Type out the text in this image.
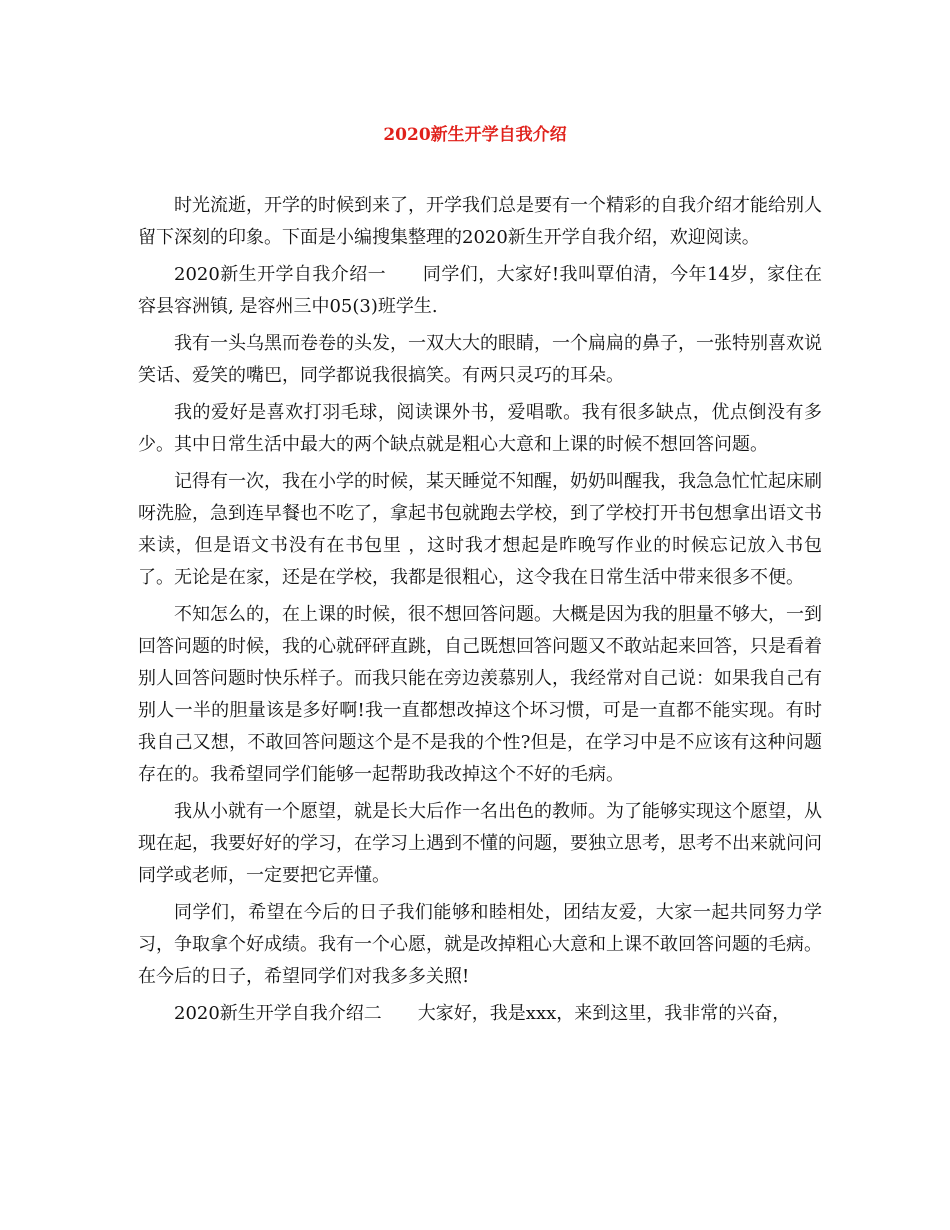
2020新生开学自我介绍

时光流逝，开学的时候到来了，开学我们总是要有一个精彩的自我介绍才能给别人留下深刻的印象。下面是小编搜集整理的2020新生开学自我介绍，欢迎阅读。

2020新生开学自我介绍一　　同学们，大家好!我叫覃伯清，今年14岁，家住在容县容洲镇, 是容州三中05(3)班学生.

我有一头乌黑而卷卷的头发，一双大大的眼睛，一个扁扁的鼻子，一张特别喜欢说笑话、爱笑的嘴巴，同学都说我很搞笑。有两只灵巧的耳朵。

我的爱好是喜欢打羽毛球，阅读课外书，爱唱歌。我有很多缺点，优点倒没有多少。其中日常生活中最大的两个缺点就是粗心大意和上课的时候不想回答问题。

记得有一次，我在小学的时候，某天睡觉不知醒，奶奶叫醒我，我急急忙忙起床刷呀洗脸，急到连早餐也不吃了，拿起书包就跑去学校，到了学校打开书包想拿出语文书来读，但是语文书没有在书包里 ，这时我才想起是昨晚写作业的时候忘记放入书包了。无论是在家，还是在学校，我都是很粗心，这令我在日常生活中带来很多不便。

不知怎么的，在上课的时候，很不想回答问题。大概是因为我的胆量不够大，一到回答问题的时候，我的心就砰砰直跳，自己既想回答问题又不敢站起来回答，只是看着别人回答问题时快乐样子。而我只能在旁边羡慕别人，我经常对自己说：如果我自己有别人一半的胆量该是多好啊!我一直都想改掉这个坏习惯，可是一直都不能实现。有时我自己又想，不敢回答问题这个是不是我的个性?但是，在学习中是不应该有这种问题存在的。我希望同学们能够一起帮助我改掉这个不好的毛病。

我从小就有一个愿望，就是长大后作一名出色的教师。为了能够实现这个愿望，从现在起，我要好好的学习，在学习上遇到不懂的问题，要独立思考，思考不出来就问问同学或老师，一定要把它弄懂。

同学们，希望在今后的日子我们能够和睦相处，团结友爱，大家一起共同努力学习，争取拿个好成绩。我有一个心愿，就是改掉粗心大意和上课不敢回答问题的毛病。在今后的日子，希望同学们对我多多关照!

2020新生开学自我介绍二　　大家好，我是xxx，来到这里，我非常的兴奋，
